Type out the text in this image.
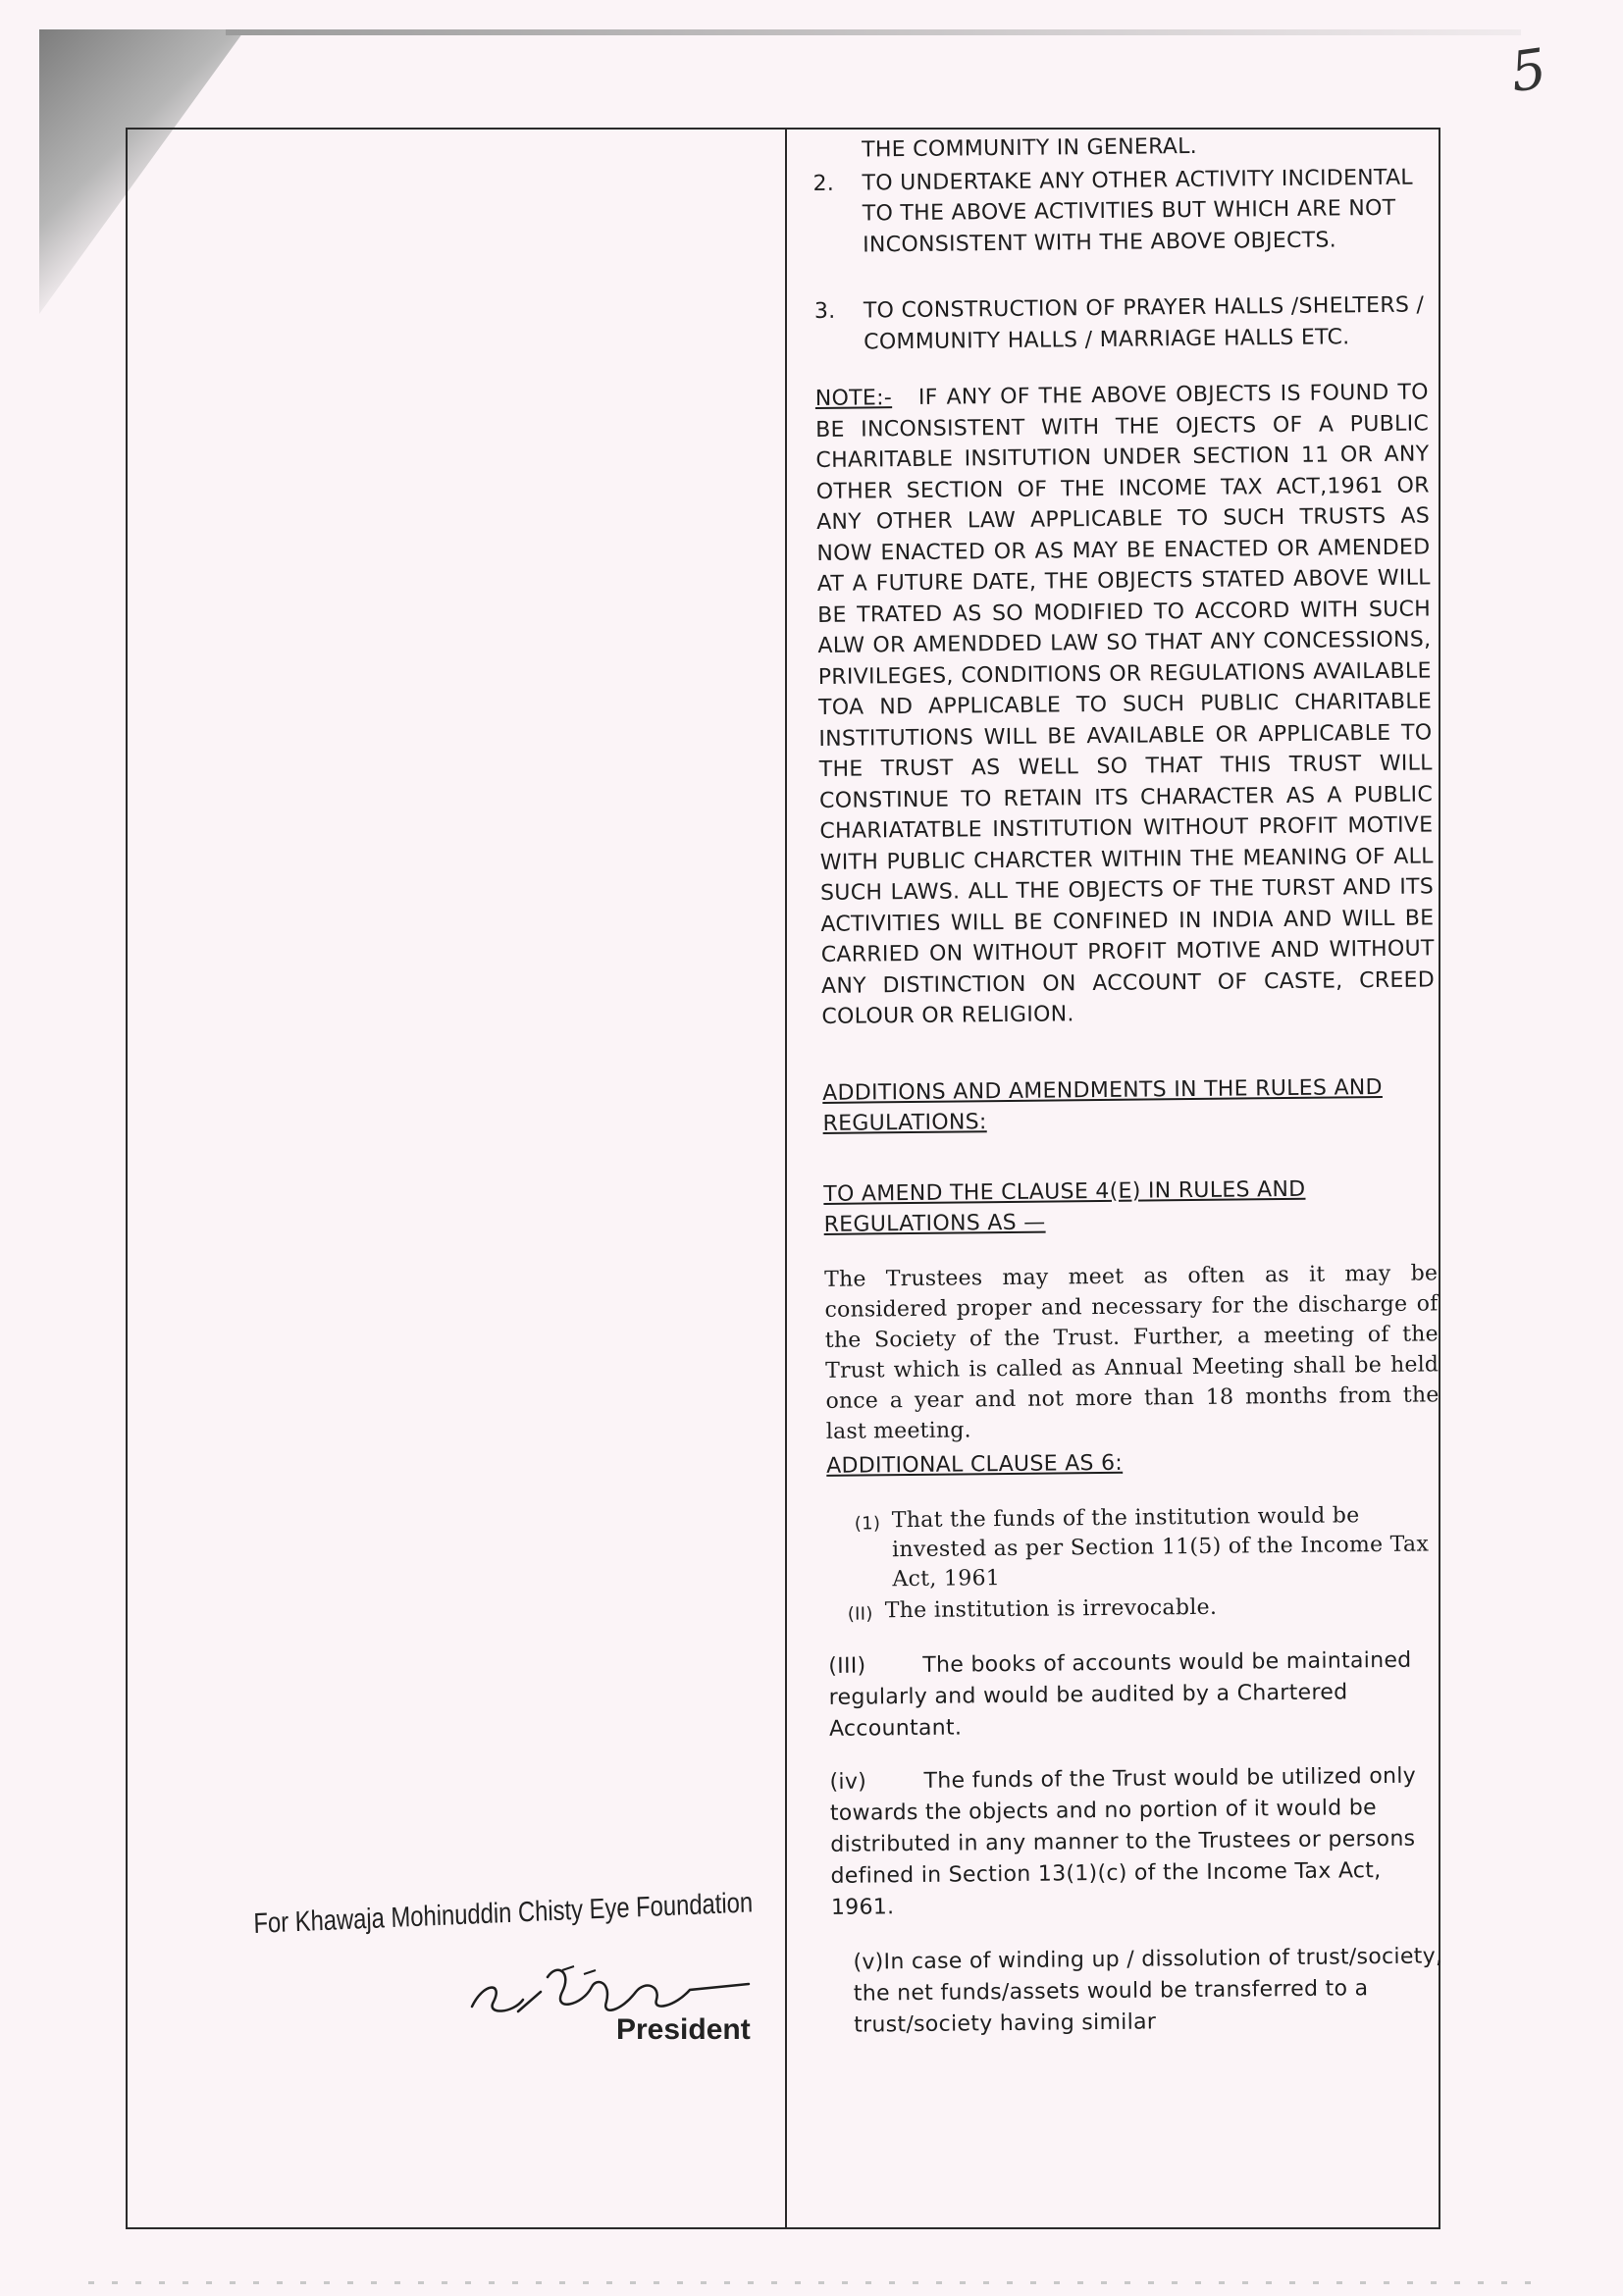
5

THE COMMUNITY IN GENERAL.

2.	TO UNDERTAKE ANY OTHER ACTIVITY INCIDENTAL TO THE ABOVE ACTIVITIES BUT WHICH ARE NOT INCONSISTENT WITH THE ABOVE OBJECTS.
3.	TO CONSTRUCTION OF PRAYER HALLS /SHELTERS / COMMUNITY HALLS / MARRIAGE HALLS ETC.

NOTE:- IF ANY OF THE ABOVE OBJECTS IS FOUND TO BE INCONSISTENT WITH THE OJECTS OF A PUBLIC CHARITABLE INSITUTION UNDER SECTION 11 OR ANY OTHER SECTION OF THE INCOME TAX ACT,1961 OR ANY OTHER LAW APPLICABLE TO SUCH TRUSTS AS NOW ENACTED OR AS MAY BE ENACTED OR AMENDED AT A FUTURE DATE, THE OBJECTS STATED ABOVE WILL BE TRATED AS SO MODIFIED TO ACCORD WITH SUCH ALW OR AMENDDED LAW SO THAT ANY CONCESSIONS, PRIVILEGES, CONDITIONS OR REGULATIONS AVAILABLE TOA ND APPLICABLE TO SUCH PUBLIC CHARITABLE INSTITUTIONS WILL BE AVAILABLE OR APPLICABLE TO THE TRUST AS WELL SO THAT THIS TRUST WILL CONSTINUE TO RETAIN ITS CHARACTER AS A PUBLIC CHARIATATBLE INSTITUTION WITHOUT PROFIT MOTIVE WITH PUBLIC CHARCTER WITHIN THE MEANING OF ALL SUCH LAWS. ALL THE OBJECTS OF THE TURST AND ITS ACTIVITIES WILL BE CONFINED IN INDIA AND WILL BE CARRIED ON WITHOUT PROFIT MOTIVE AND WITHOUT ANY DISTINCTION ON ACCOUNT OF CASTE, CREED COLOUR OR RELIGION.

ADDITIONS AND AMENDMENTS IN THE RULES AND REGULATIONS:

TO AMEND THE CLAUSE 4(E) IN RULES AND REGULATIONS AS —

The Trustees may meet as often as it may be considered proper and necessary for the discharge of the Society of the Trust. Further, a meeting of the Trust which is called as Annual Meeting shall be held once a year and not more than 18 months from the last meeting.

ADDITIONAL CLAUSE AS 6:

(1) That the funds of the institution would be invested as per Section 11(5) of the Income Tax Act, 1961
(II) The institution is irrevocable.

(III)	The books of accounts would be maintained regularly and would be audited by a Chartered Accountant.

(iv)	The funds of the Trust would be utilized only towards the objects and no portion of it would be distributed in any manner to the Trustees or persons defined in Section 13(1)(c) of the Income Tax Act, 1961.

(v)In case of winding up / dissolution of trust/society, the net funds/assets would be transferred to a trust/society having similar

For Khawaja Mohinuddin Chisty Eye Foundation
President
